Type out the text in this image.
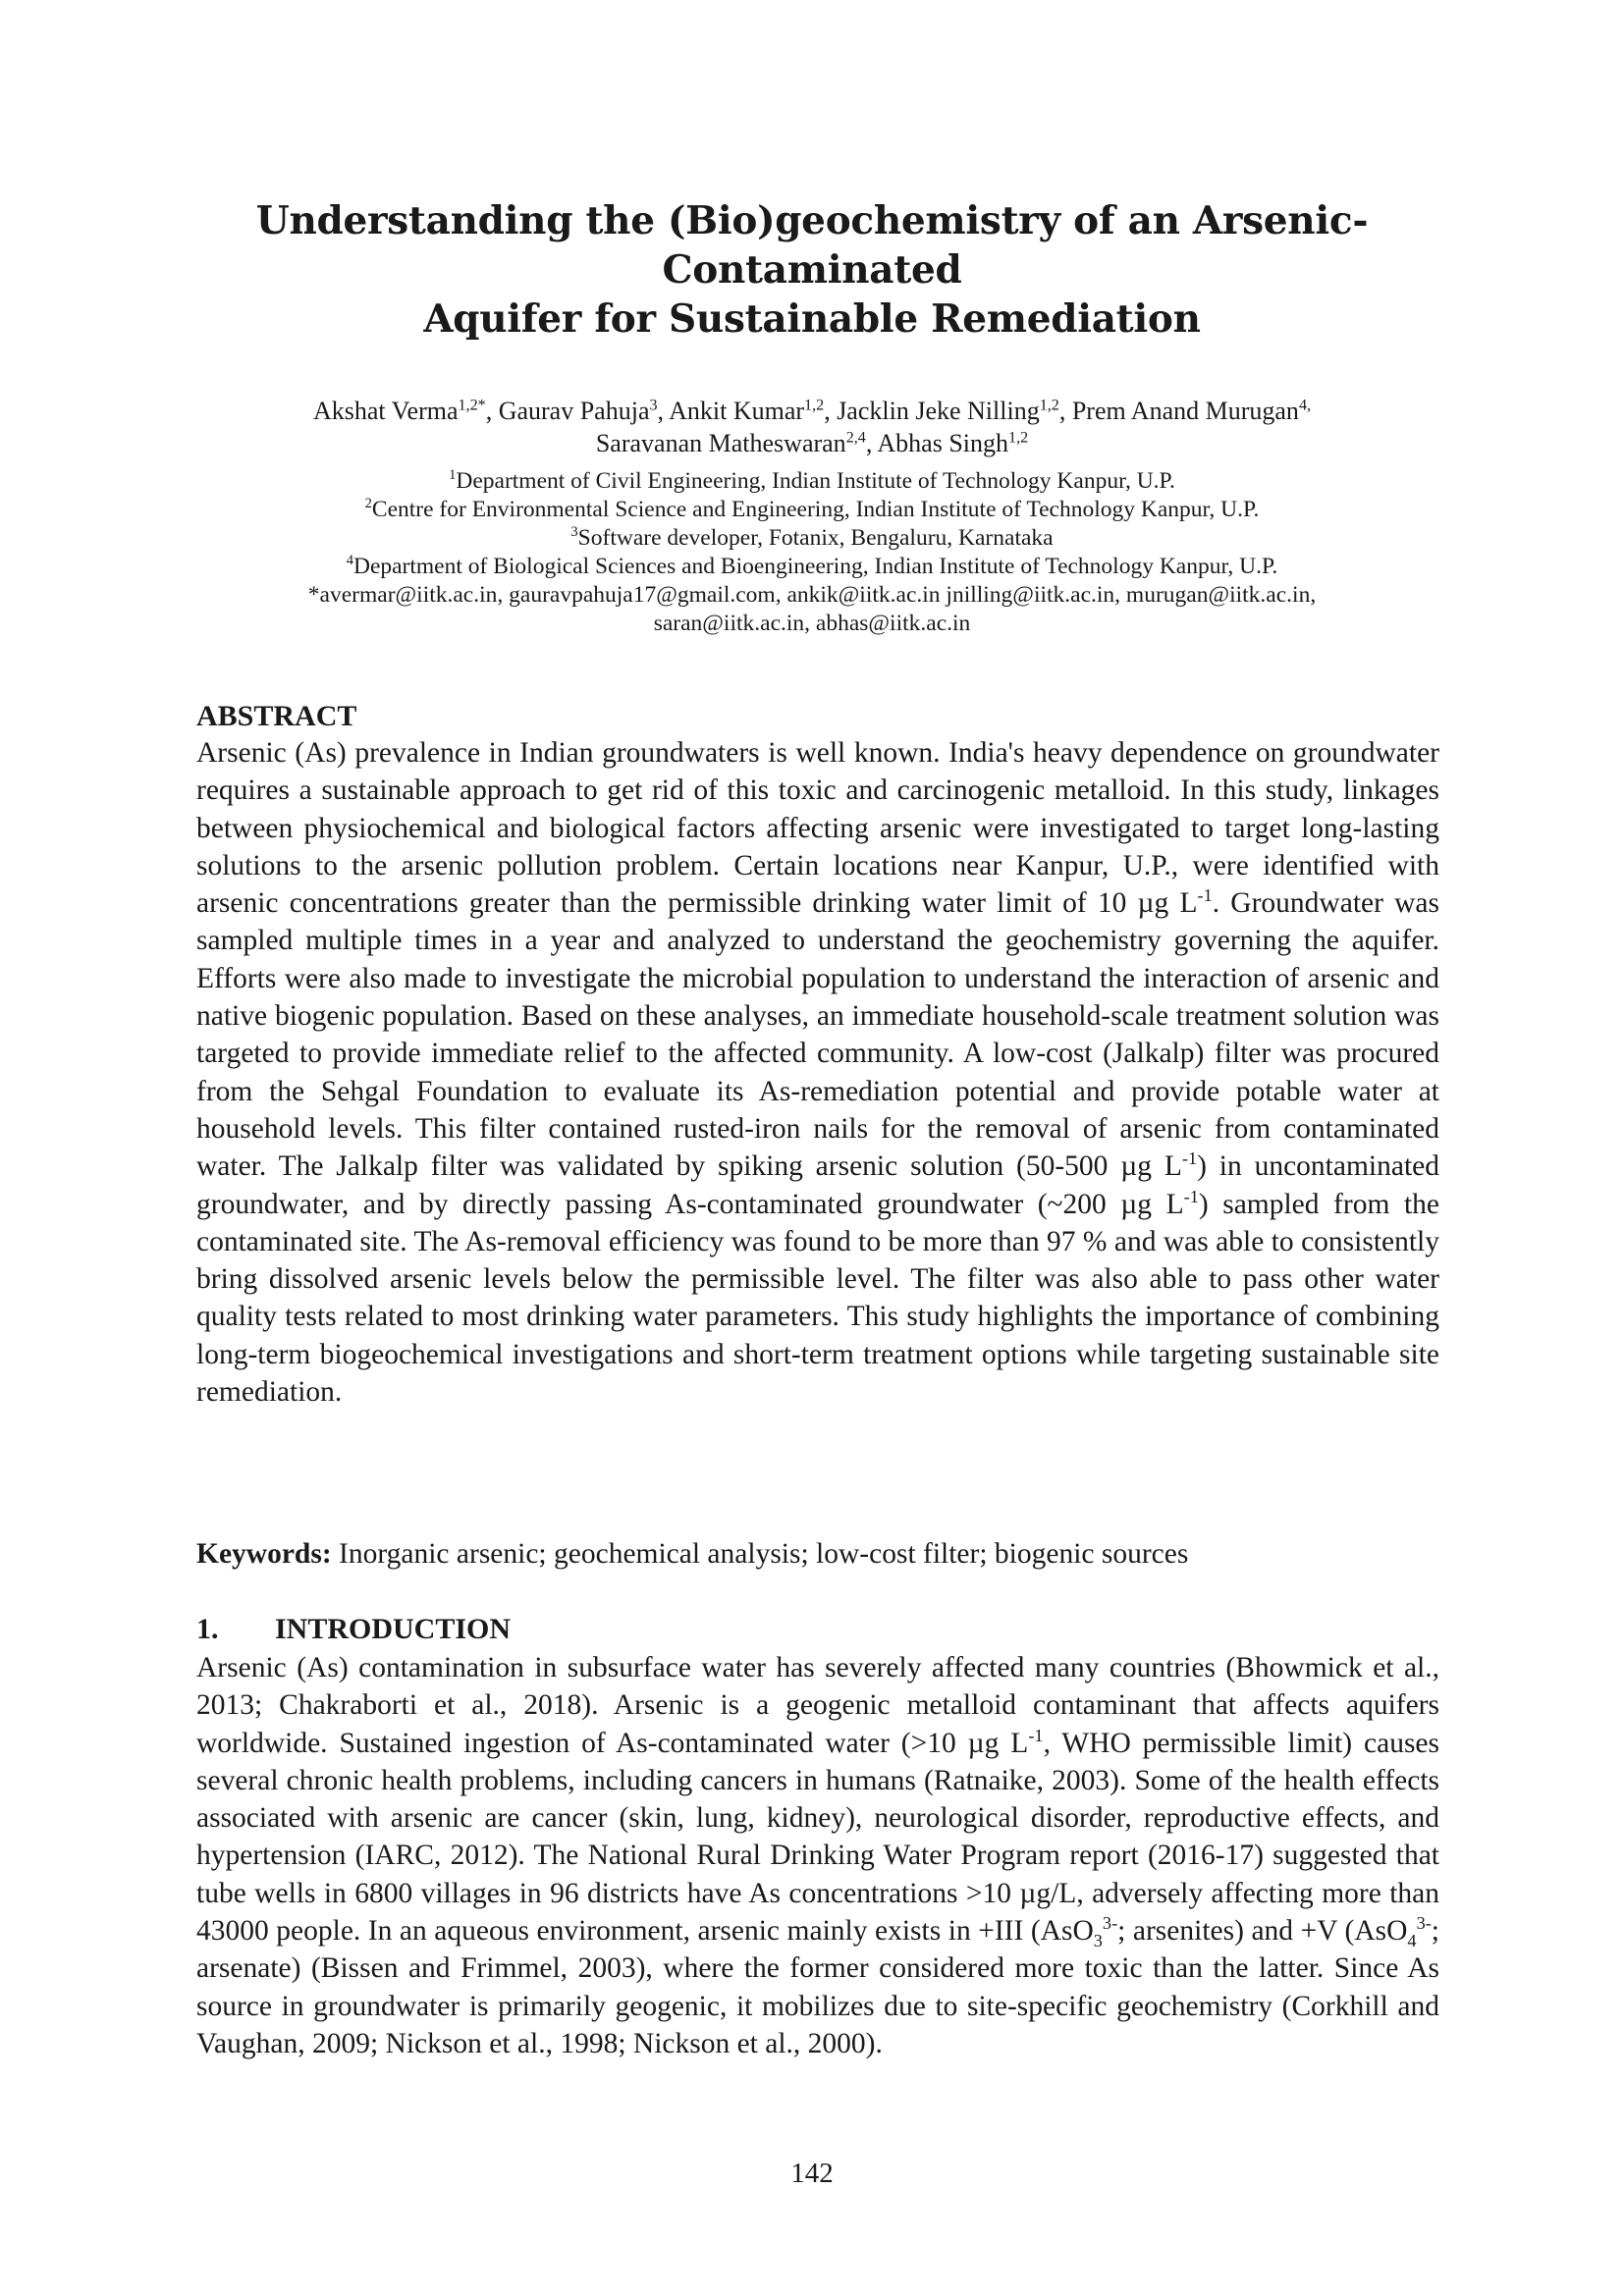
Understanding the (Bio)geochemistry of an Arsenic-
Contaminated
Aquifer for Sustainable Remediation

Akshat Verma$^{1,2*}$, Gaurav Pahuja$^3$, Ankit Kumar$^{1,2}$, Jacklin Jeke Nilling$^{1,2}$, Prem Anand Murugan$^{4,}$
Saravanan Matheswaran$^{2,4}$, Abhas Singh$^{1,2}$

$^1$Department of Civil Engineering, Indian Institute of Technology Kanpur, U.P.
$^2$Centre for Environmental Science and Engineering, Indian Institute of Technology Kanpur, U.P.
$^3$Software developer, Fotanix, Bengaluru, Karnataka
$^4$Department of Biological Sciences and Bioengineering, Indian Institute of Technology Kanpur, U.P.
*avermar@iitk.ac.in, gauravpahuja17@gmail.com, ankik@iitk.ac.in jnilling@iitk.ac.in, murugan@iitk.ac.in,
saran@iitk.ac.in, abhas@iitk.ac.in
ABSTRACT

Arsenic (As) prevalence in Indian groundwaters is well known. India's heavy dependence on groundwater requires a sustainable approach to get rid of this toxic and carcinogenic metalloid. In this study, linkages between physiochemical and biological factors affecting arsenic were investigated to target long-lasting solutions to the arsenic pollution problem. Certain locations near Kanpur, U.P., were identified with arsenic concentrations greater than the permissible drinking water limit of 10 µg $L^{-1}$. Groundwater was sampled multiple times in a year and analyzed to understand the geochemistry governing the aquifer. Efforts were also made to investigate the microbial population to understand the interaction of arsenic and native biogenic population. Based on these analyses, an immediate household-scale treatment solution was targeted to provide immediate relief to the affected community. A low-cost (Jalkalp) filter was procured from the Sehgal Foundation to evaluate its As-remediation potential and provide potable water at household levels. This filter contained rusted-iron nails for the removal of arsenic from contaminated water. The Jalkalp filter was validated by spiking arsenic solution (50-500 µg $L^{-1}$) in uncontaminated groundwater, and by directly passing As-contaminated groundwater (~200 µg $L^{-1}$) sampled from the contaminated site. The As-removal efficiency was found to be more than 97 % and was able to consistently bring dissolved arsenic levels below the permissible level. The filter was also able to pass other water quality tests related to most drinking water parameters. This study highlights the importance of combining long-term biogeochemical investigations and short-term treatment options while targeting sustainable site remediation.

Keywords: Inorganic arsenic; geochemical analysis; low-cost filter; biogenic sources

1. INTRODUCTION

Arsenic (As) contamination in subsurface water has severely affected many countries (Bhowmick et al., 2013; Chakraborti et al., 2018). Arsenic is a geogenic metalloid contaminant that affects aquifers worldwide. Sustained ingestion of As-contaminated water (>10 µg $L^{-1}$, WHO permissible limit) causes several chronic health problems, including cancers in humans (Ratnaike, 2003). Some of the health effects associated with arsenic are cancer (skin, lung, kidney), neurological disorder, reproductive effects, and hypertension (IARC, 2012). The National Rural Drinking Water Program report (2016-17) suggested that tube wells in 6800 villages in 96 districts have As concentrations >10 µg/L, adversely affecting more than 43000 people. In an aqueous environment, arsenic mainly exists in +III (AsO$_3^{3-}$; arsenites) and +V (AsO$_4^{3-}$; arsenate) (Bissen and Frimmel, 2003), where the former considered more toxic than the latter. Since As source in groundwater is primarily geogenic, it mobilizes due to site-specific geochemistry (Corkhill and Vaughan, 2009; Nickson et al., 1998; Nickson et al., 2000).

142
